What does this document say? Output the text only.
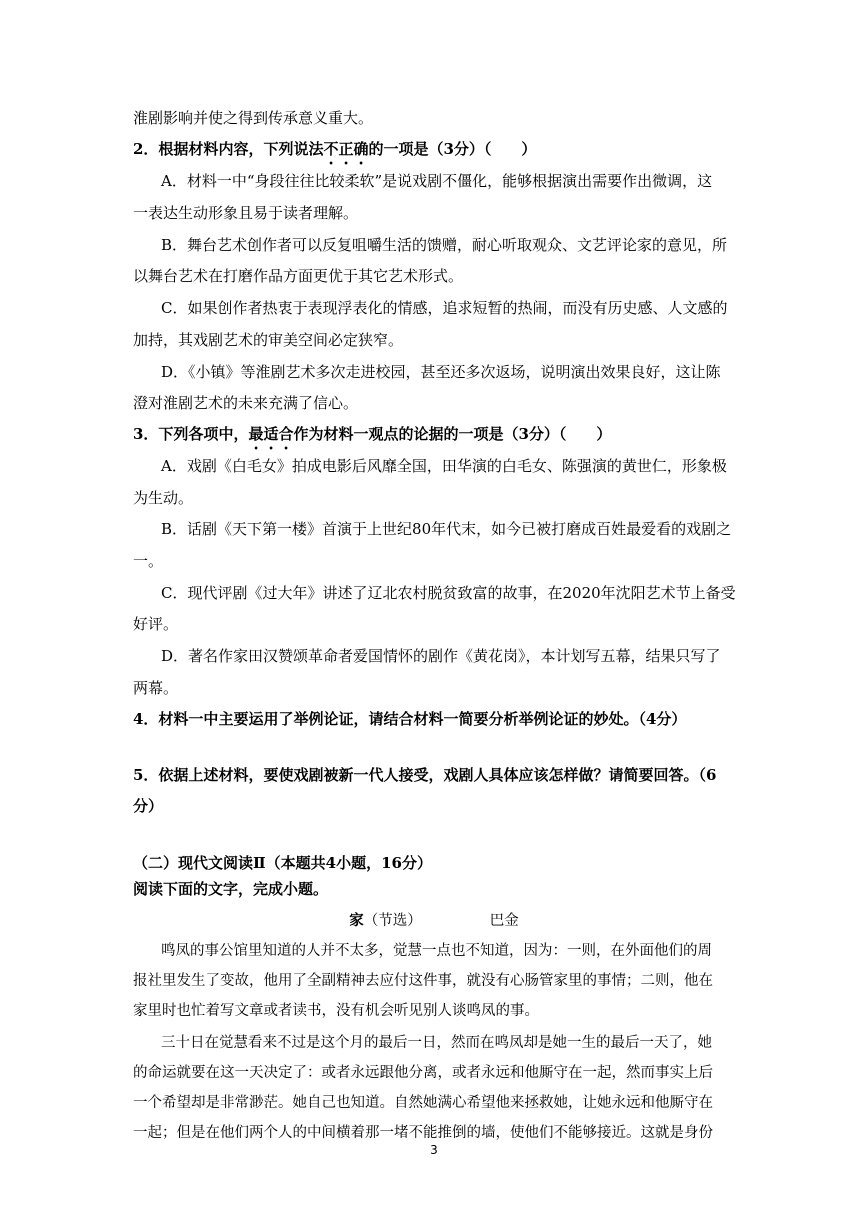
淮剧影响并使之得到传承意义重大。
2．根据材料内容，下列说法不正确的一项是（3分）（　　）
A．材料一中“身段往往比较柔软”是说戏剧不僵化，能够根据演出需要作出微调，这
一表达生动形象且易于读者理解。
B．舞台艺术创作者可以反复咀嚼生活的馈赠，耐心听取观众、文艺评论家的意见，所
以舞台艺术在打磨作品方面更优于其它艺术形式。
C．如果创作者热衷于表现浮表化的情感，追求短暂的热闹，而没有历史感、人文感的
加持，其戏剧艺术的审美空间必定狭窄。
D．《小镇》等淮剧艺术多次走进校园，甚至还多次返场，说明演出效果良好，这让陈
澄对淮剧艺术的未来充满了信心。
3．下列各项中，最适合作为材料一观点的论据的一项是（3分）（　　）
A．戏剧《白毛女》拍成电影后风靡全国，田华演的白毛女、陈强演的黄世仁，形象极
为生动。
B．话剧《天下第一楼》首演于上世纪80年代末，如今已被打磨成百姓最爱看的戏剧之
一。
C．现代评剧《过大年》讲述了辽北农村脱贫致富的故事，在2020年沈阳艺术节上备受
好评。
D．著名作家田汉赞颂革命者爱国情怀的剧作《黄花岗》，本计划写五幕，结果只写了
两幕。
4．材料一中主要运用了举例论证，请结合材料一简要分析举例论证的妙处。（4分）
5．依据上述材料，要使戏剧被新一代人接受，戏剧人具体应该怎样做？请简要回答。（6
分）
（二）现代文阅读Ⅱ（本题共4小题，16分）
阅读下面的文字，完成小题。
家（节选）	巴金
鸣凤的事公馆里知道的人并不太多，觉慧一点也不知道，因为：一则，在外面他们的周
报社里发生了变故，他用了全副精神去应付这件事，就没有心肠管家里的事情；二则，他在
家里时也忙着写文章或者读书，没有机会听见别人谈鸣凤的事。
三十日在觉慧看来不过是这个月的最后一日，然而在鸣凤却是她一生的最后一天了，她
的命运就要在这一天决定了：或者永远跟他分离，或者永远和他厮守在一起，然而事实上后
一个希望却是非常渺茫。她自己也知道。自然她满心希望他来拯救她，让她永远和他厮守在
一起；但是在他们两个人的中间横着那一堵不能推倒的墙，使他们不能够接近。这就是身份
3
